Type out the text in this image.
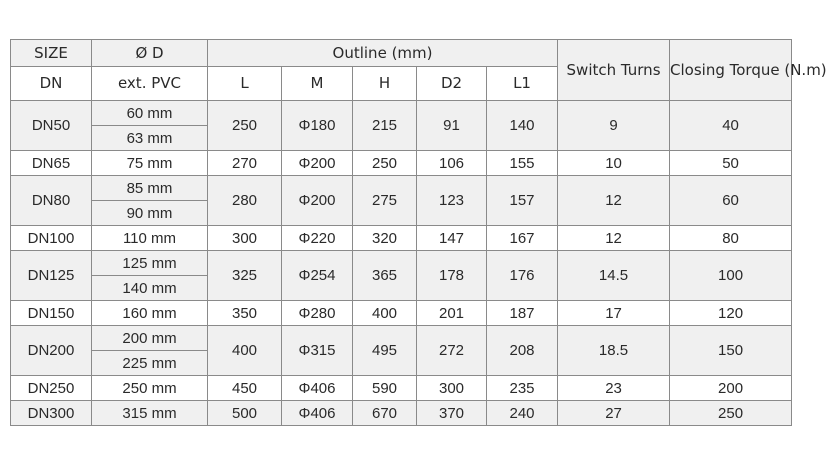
SIZE	Ø D	Outline (mm)					Switch Turns	Closing Torque (N.m)
DN	ext. PVC	L	M	H	D2	L1		
DN50	60 mm	250	Φ180	215	91	140	9	40
	63 mm							
DN65	75 mm	270	Φ200	250	106	155	10	50
DN80	85 mm	280	Φ200	275	123	157	12	60
	90 mm							
DN100	110 mm	300	Φ220	320	147	167	12	80
DN125	125 mm	325	Φ254	365	178	176	14.5	100
	140 mm							
DN150	160 mm	350	Φ280	400	201	187	17	120
DN200	200 mm	400	Φ315	495	272	208	18.5	150
	225 mm							
DN250	250 mm	450	Φ406	590	300	235	23	200
DN300	315 mm	500	Φ406	670	370	240	27	250
